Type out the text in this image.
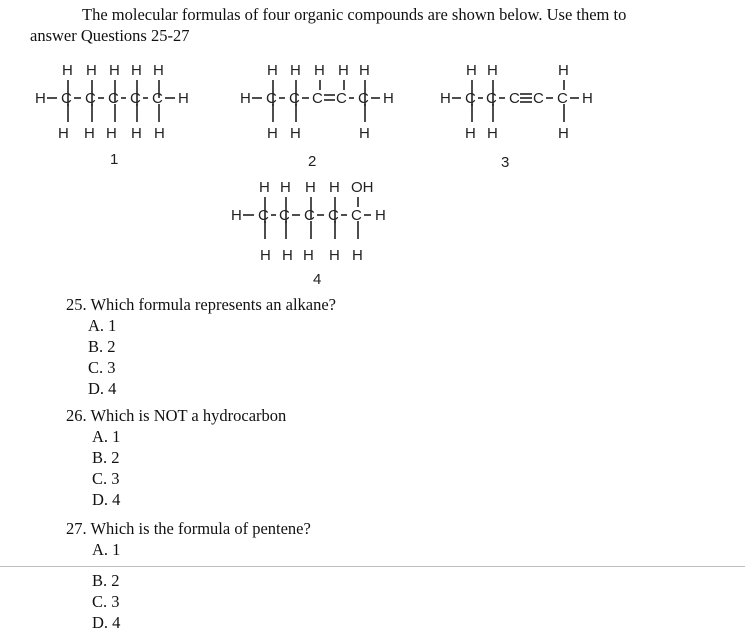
The molecular formulas of four organic compounds are shown below. Use them to
answer Questions 25-27
H H H H H
H C C C C C H
H H H H H
1
H H H H H
H C C C C C H
H H	H
2
H H	H
H C C C C C H
H H	H
3
H H H H OH
H C C C C C H
H H H H H
4
25. Which formula represents an alkane?
A. 1
B. 2
C. 3
D. 4
26. Which is NOT a hydrocarbon
A. 1
B. 2
C. 3
D. 4
27. Which is the formula of pentene?
A. 1
B. 2
C. 3
D. 4
